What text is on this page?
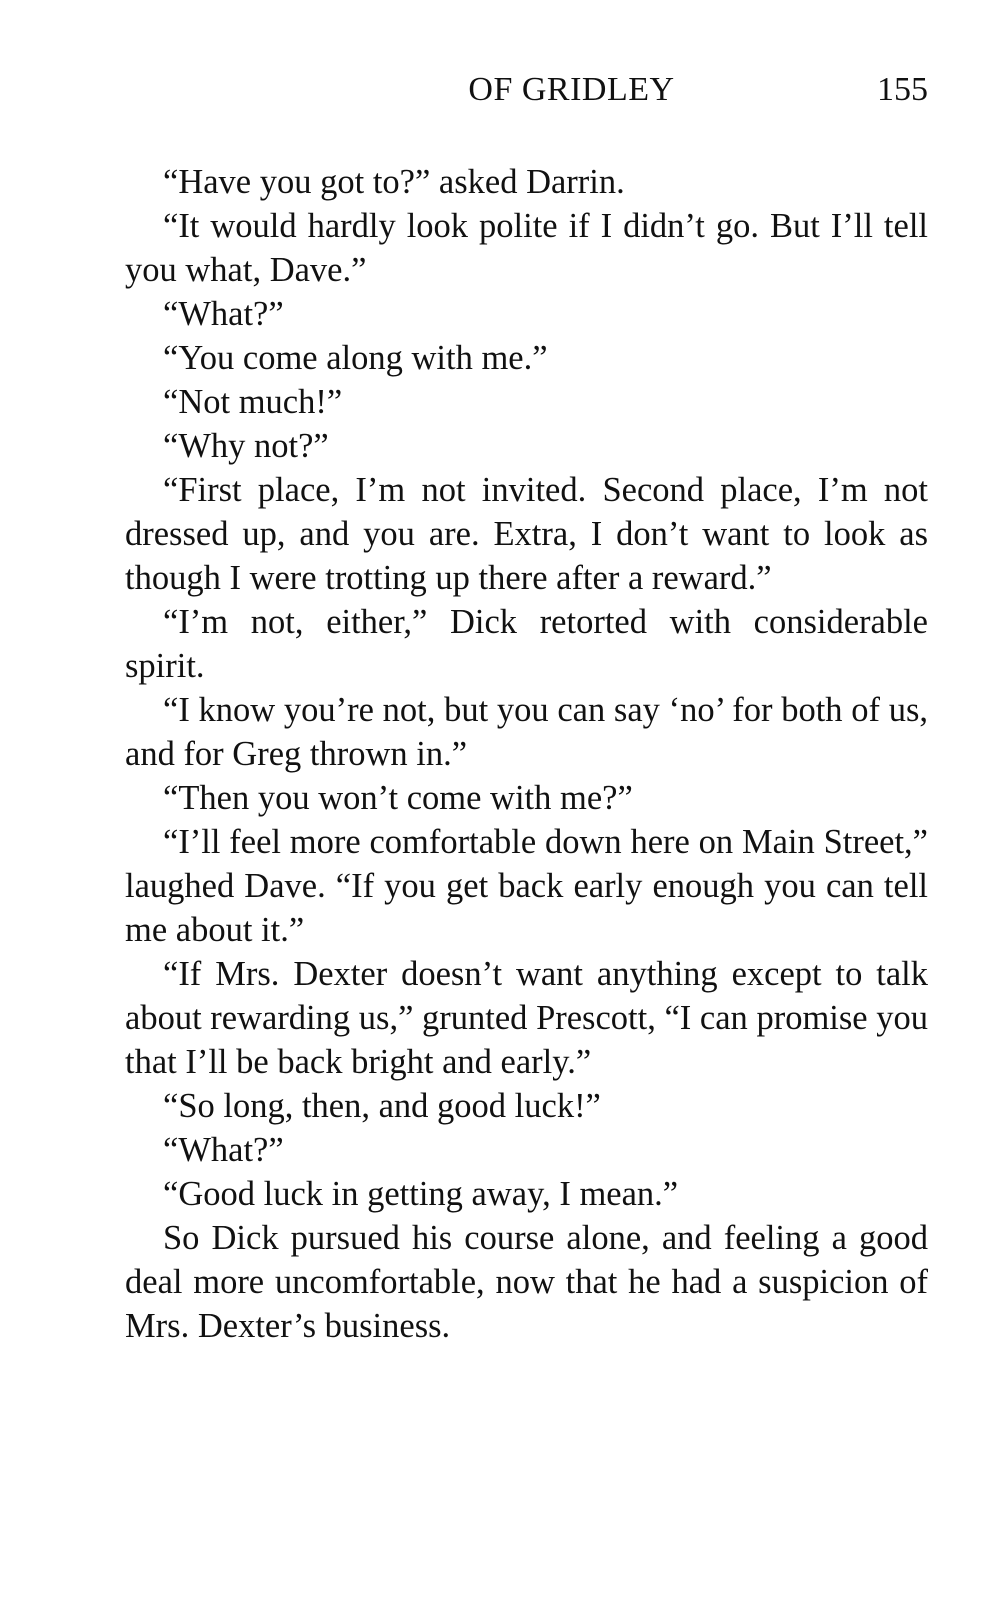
OF GRIDLEY	155

“Have you got to?” asked Darrin.

“It would hardly look polite if I didn’t go. But I’ll tell you what, Dave.”

“What?”

“You come along with me.”

“Not much!”

“Why not?”

“First place, I’m not invited. Second place, I’m not dressed up, and you are. Extra, I don’t want to look as though I were trotting up there after a reward.”

“I’m not, either,” Dick retorted with considerable spirit.

“I know you’re not, but you can say ‘no’ for both of us, and for Greg thrown in.”

“Then you won’t come with me?”

“I’ll feel more comfortable down here on Main Street,” laughed Dave. “If you get back early enough you can tell me about it.”

“If Mrs. Dexter doesn’t want anything except to talk about rewarding us,” grunted Prescott, “I can promise you that I’ll be back bright and early.”

“So long, then, and good luck!”

“What?”

“Good luck in getting away, I mean.”

So Dick pursued his course alone, and feeling a good deal more uncomfortable, now that he had a suspicion of Mrs. Dexter’s business.
